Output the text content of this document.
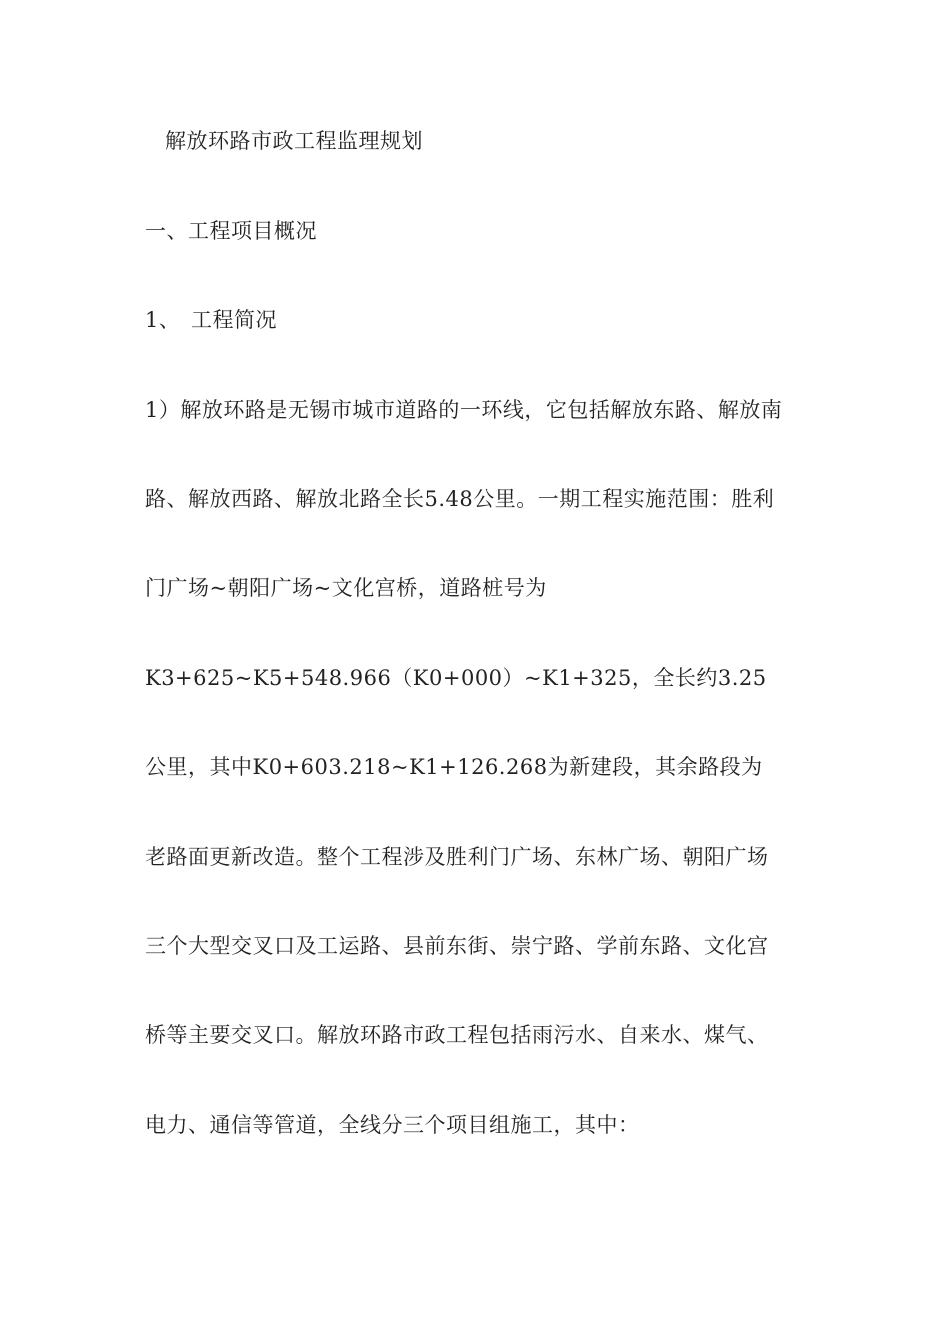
解放环路市政工程监理规划
一、工程项目概况
1、 工程简况
1）解放环路是无锡市城市道路的一环线，它包括解放东路、解放南
路、解放西路、解放北路全长5.48公里。一期工程实施范围：胜利
门广场~朝阳广场~文化宫桥，道路桩号为
K3+625~K5+548.966（K0+000）~K1+325，全长约3.25
公里，其中K0+603.218~K1+126.268为新建段，其余路段为
老路面更新改造。整个工程涉及胜利门广场、东林广场、朝阳广场
三个大型交叉口及工运路、县前东街、崇宁路、学前东路、文化宫
桥等主要交叉口。解放环路市政工程包括雨污水、自来水、煤气、
电力、通信等管道，全线分三个项目组施工，其中：
